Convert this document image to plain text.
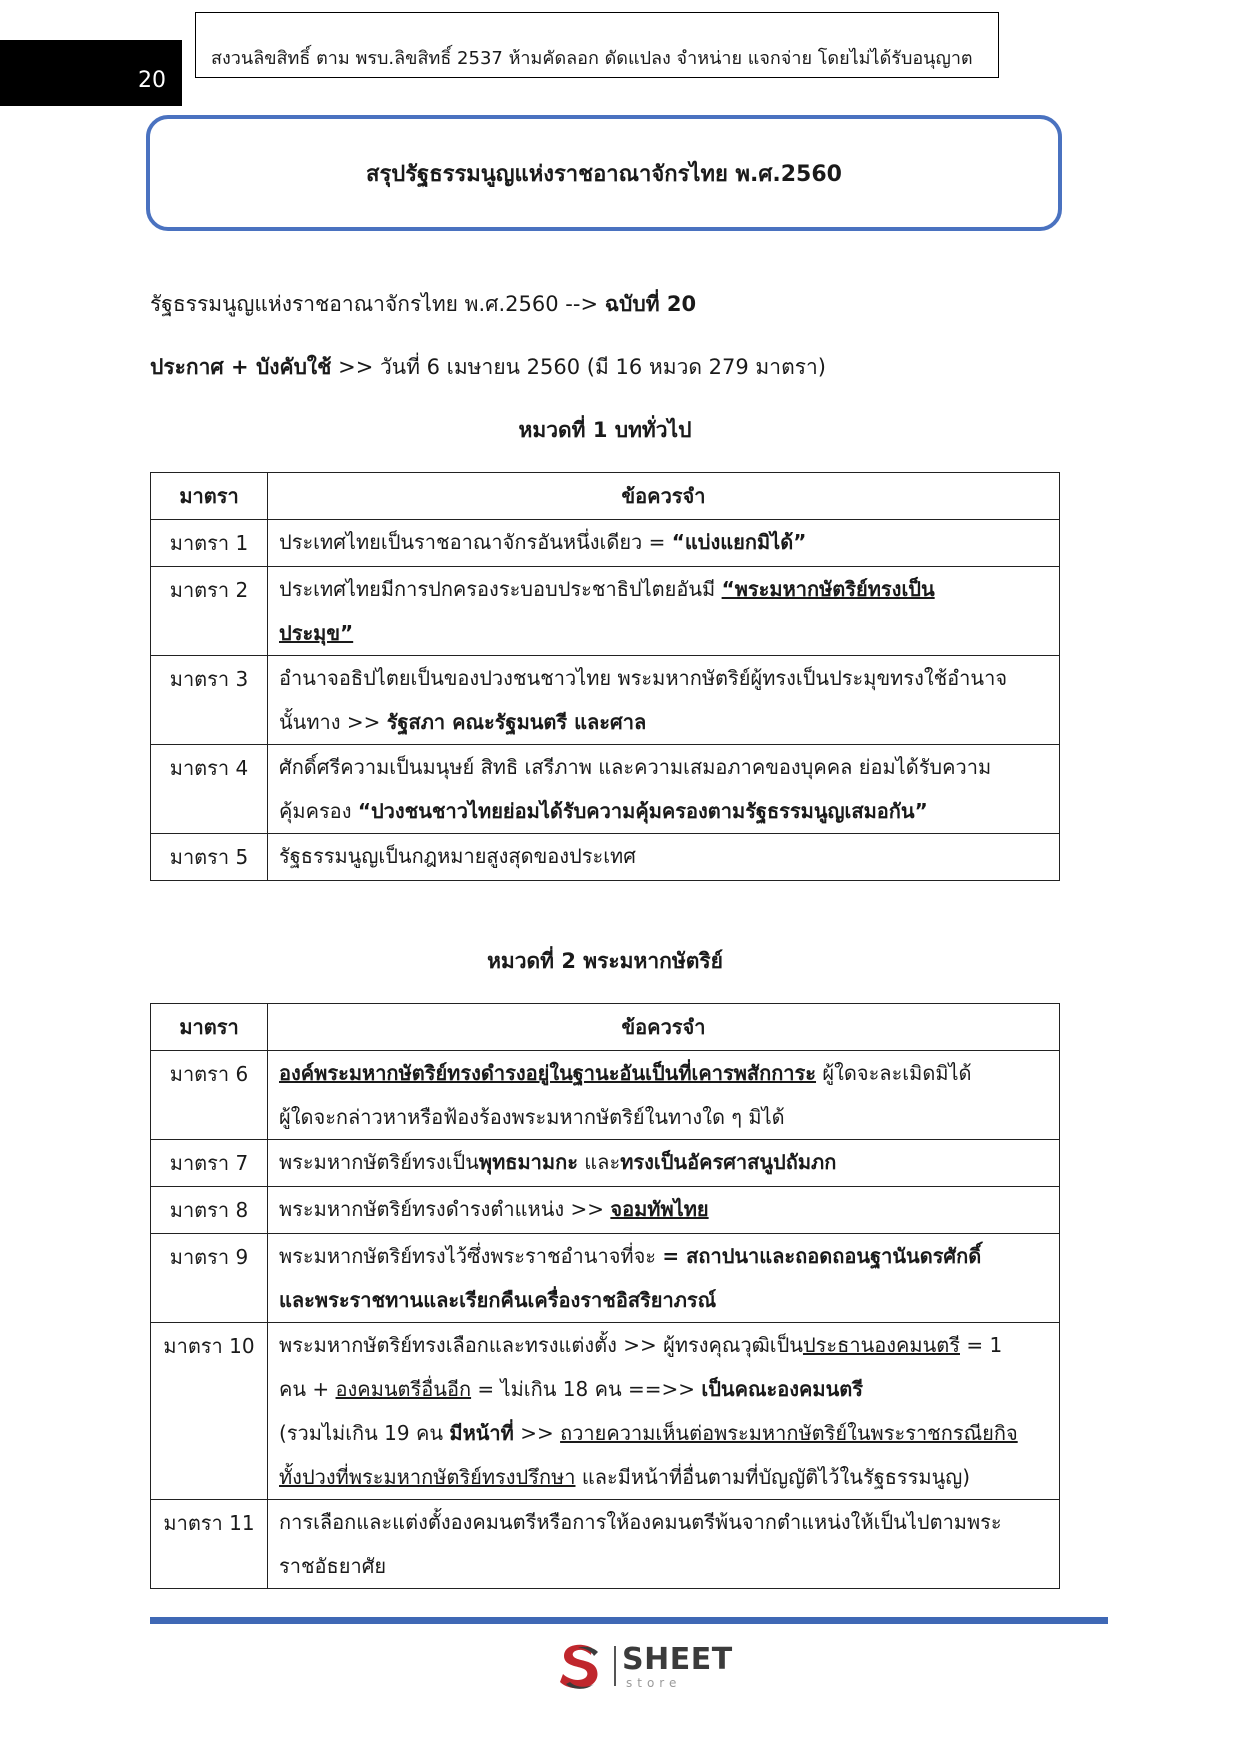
20
สงวนลิขสิทธิ์ ตาม พรบ.ลิขสิทธิ์ 2537 ห้ามคัดลอก ดัดแปลง จำหน่าย แจกจ่าย โดยไม่ได้รับอนุญาต
สรุปรัฐธรรมนูญแห่งราชอาณาจักรไทย พ.ศ.2560
รัฐธรรมนูญแห่งราชอาณาจักรไทย พ.ศ.2560 --> ฉบับที่ 20
ประกาศ + บังคับใช้ >> วันที่ 6 เมษายน 2560 (มี 16 หมวด 279 มาตรา)
หมวดที่ 1 บททั่วไป
มาตรา	ข้อควรจำ
มาตรา 1	ประเทศไทยเป็นราชอาณาจักรอันหนึ่งเดียว = “แบ่งแยกมิได้”
มาตรา 2	ประเทศไทยมีการปกครองระบอบประชาธิปไตยอันมี “พระมหากษัตริย์ทรงเป็น
ประมุข”
มาตรา 3	อำนาจอธิปไตยเป็นของปวงชนชาวไทย พระมหากษัตริย์ผู้ทรงเป็นประมุขทรงใช้อำนาจ
นั้นทาง >> รัฐสภา คณะรัฐมนตรี และศาล
มาตรา 4	ศักดิ์ศรีความเป็นมนุษย์ สิทธิ เสรีภาพ และความเสมอภาคของบุคคล ย่อมได้รับความ
คุ้มครอง “ปวงชนชาวไทยย่อมได้รับความคุ้มครองตามรัฐธรรมนูญเสมอกัน”
มาตรา 5	รัฐธรรมนูญเป็นกฎหมายสูงสุดของประเทศ
หมวดที่ 2 พระมหากษัตริย์
มาตรา	ข้อควรจำ
มาตรา 6	องค์พระมหากษัตริย์ทรงดำรงอยู่ในฐานะอันเป็นที่เคารพสักการะ ผู้ใดจะละเมิดมิได้
ผู้ใดจะกล่าวหาหรือฟ้องร้องพระมหากษัตริย์ในทางใด ๆ มิได้
มาตรา 7	พระมหากษัตริย์ทรงเป็นพุทธมามกะ และทรงเป็นอัครศาสนูปถัมภก
มาตรา 8	พระมหากษัตริย์ทรงดำรงตำแหน่ง >> จอมทัพไทย
มาตรา 9	พระมหากษัตริย์ทรงไว้ซึ่งพระราชอำนาจที่จะ = สถาปนาและถอดถอนฐานันดรศักดิ์
และพระราชทานและเรียกคืนเครื่องราชอิสริยาภรณ์
มาตรา 10	พระมหากษัตริย์ทรงเลือกและทรงแต่งตั้ง >> ผู้ทรงคุณวุฒิเป็นประธานองคมนตรี = 1
คน + องคมนตรีอื่นอีก = ไม่เกิน 18 คน ==>> เป็นคณะองคมนตรี
(รวมไม่เกิน 19 คน มีหน้าที่ >> ถวายความเห็นต่อพระมหากษัตริย์ในพระราชกรณียกิจ
ทั้งปวงที่พระมหากษัตริย์ทรงปรึกษา และมีหน้าที่อื่นตามที่บัญญัติไว้ในรัฐธรรมนูญ)
มาตรา 11	การเลือกและแต่งตั้งองคมนตรีหรือการให้องคมนตรีพ้นจากตำแหน่งให้เป็นไปตามพระ
ราชอัธยาศัย
SHEET
store
